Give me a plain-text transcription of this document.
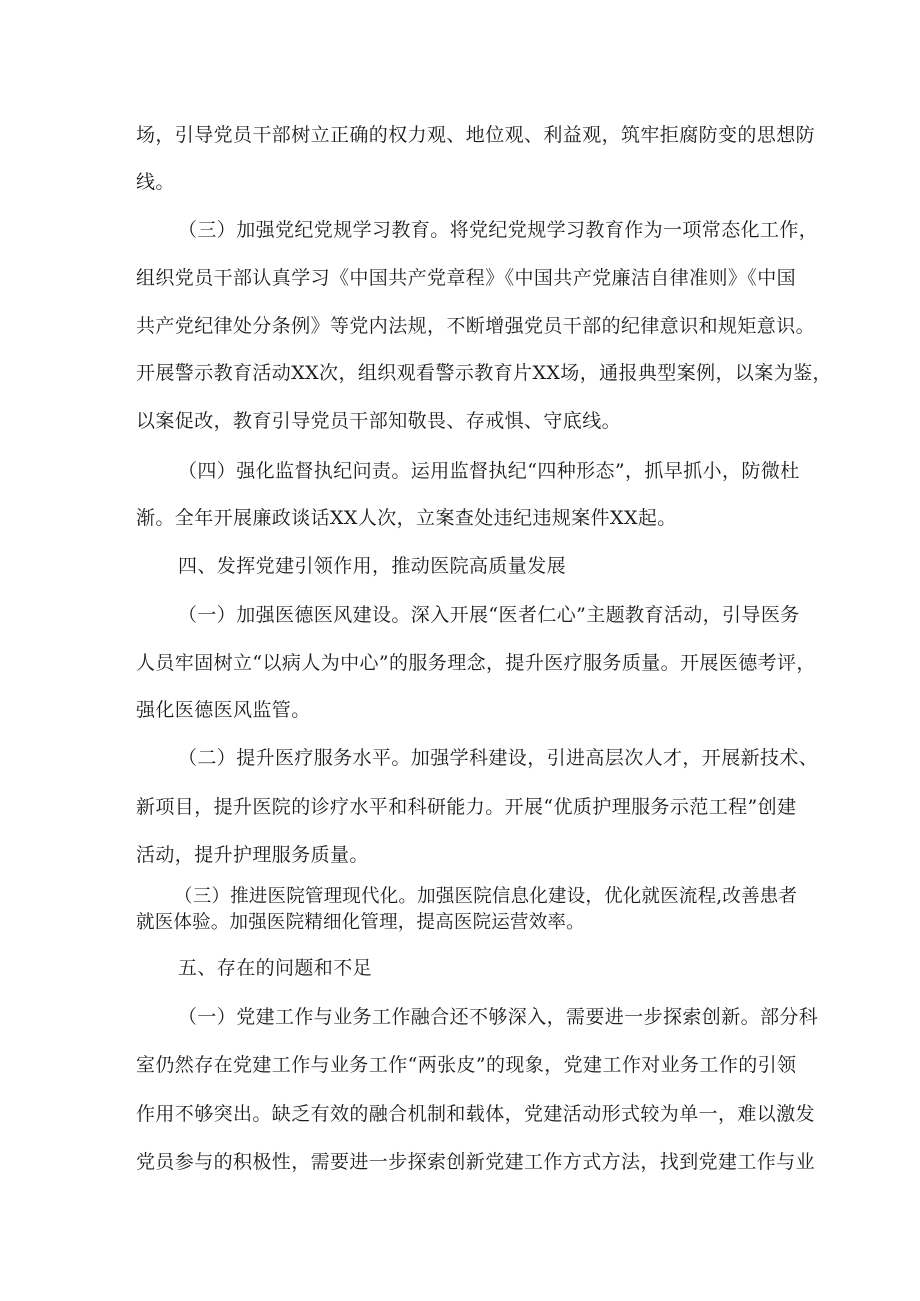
场，引导党员干部树立正确的权力观、地位观、利益观，筑牢拒腐防变的思想防
线。
（三）加强党纪党规学习教育。将党纪党规学习教育作为一项常态化工作，
组织党员干部认真学习《中国共产党章程》《中国共产党廉洁自律准则》《中国
共产党纪律处分条例》等党内法规，不断增强党员干部的纪律意识和规矩意识。
开展警示教育活动XX次，组织观看警示教育片XX场，通报典型案例，以案为鉴，
以案促改，教育引导党员干部知敬畏、存戒惧、守底线。
（四）强化监督执纪问责。运用监督执纪“四种形态”，抓早抓小，防微杜
渐。全年开展廉政谈话XX人次，立案查处违纪违规案件XX起。
四、发挥党建引领作用，推动医院高质量发展
（一）加强医德医风建设。深入开展“医者仁心”主题教育活动，引导医务
人员牢固树立“以病人为中心”的服务理念，提升医疗服务质量。开展医德考评，
强化医德医风监管。
（二）提升医疗服务水平。加强学科建设，引进高层次人才，开展新技术、
新项目，提升医院的诊疗水平和科研能力。开展“优质护理服务示范工程”创建
活动，提升护理服务质量。
（三）推进医院管理现代化。加强医院信息化建设，优化就医流程,改善患者
就医体验。加强医院精细化管理，提高医院运营效率。
五、存在的问题和不足
（一）党建工作与业务工作融合还不够深入，需要进一步探索创新。部分科
室仍然存在党建工作与业务工作“两张皮”的现象，党建工作对业务工作的引领
作用不够突出。缺乏有效的融合机制和载体，党建活动形式较为单一，难以激发
党员参与的积极性，需要进一步探索创新党建工作方式方法，找到党建工作与业
